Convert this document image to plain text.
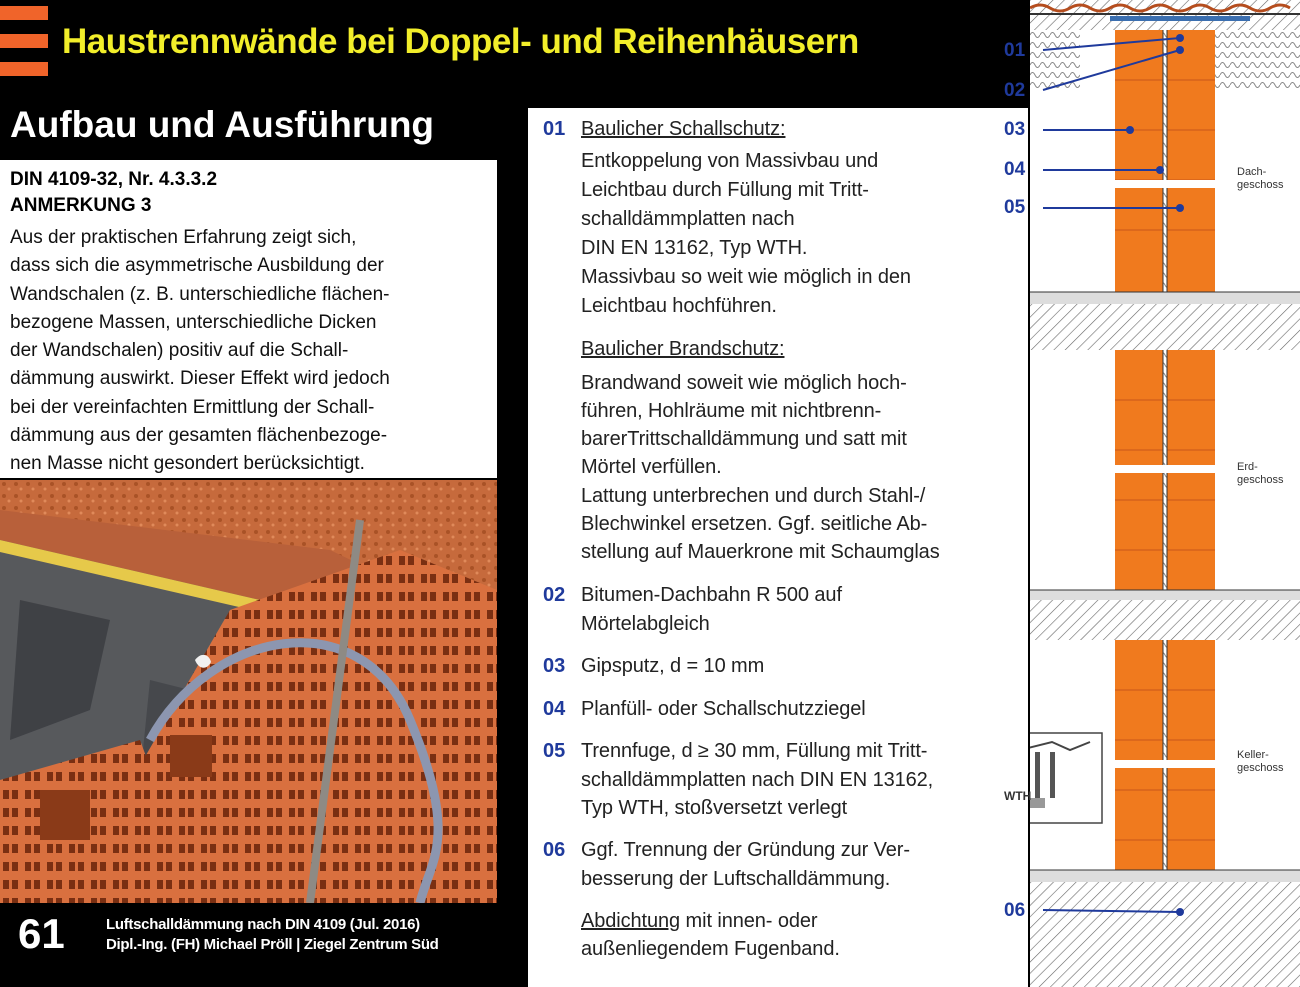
Haustrennwände bei Doppel- und Reihenhäusern
Aufbau und Ausführung
DIN 4109-32, Nr. 4.3.3.2
ANMERKUNG 3
Aus der praktischen Erfahrung zeigt sich,
dass sich die asymmetrische Ausbildung der
Wandschalen (z. B. unterschiedliche flächen-
bezogene Massen, unterschiedliche Dicken
der Wandschalen) positiv auf die Schall-
dämmung auswirkt. Dieser Effekt wird jedoch
bei der vereinfachten Ermittlung der Schall-
dämmung aus der gesamten flächenbezoge-
nen Masse nicht gesondert berücksichtigt.
61	Luftschalldämmung nach DIN 4109 (Jul. 2016)
Dipl.-Ing. (FH) Michael Pröll | Ziegel Zentrum Süd
01 Baulicher Schallschutz:
Entkoppelung von Massivbau und
Leichtbau durch Füllung mit Tritt-
schalldämmplatten nach
DIN EN 13162, Typ WTH.
Massivbau so weit wie möglich in den
Leichtbau hochführen.
Baulicher Brandschutz:
Brandwand soweit wie möglich hoch-
führen, Hohlräume mit nichtbrenn-
barerTrittschalldämmung und satt mit
Mörtel verfüllen.
Lattung unterbrechen und durch Stahl-/
Blechwinkel ersetzen. Ggf. seitliche Ab-
stellung auf Mauerkrone mit Schaumglas
02 Bitumen-Dachbahn R 500 auf
Mörtelabgleich
03 Gipsputz, d = 10 mm
04 Planfüll- oder Schallschutzziegel
05 Trennfuge, d ≥ 30 mm, Füllung mit Tritt-
schalldämmplatten nach DIN EN 13162,
Typ WTH, stoßversetzt verlegt
06 Ggf. Trennung der Gründung zur Ver-
besserung der Luftschalldämmung.
Abdichtung mit innen- oder
außenliegendem Fugenband.
WTH
01
02
03
04
05
06
Dach-
geschoss
Erd-
geschoss
Keller-
geschoss
